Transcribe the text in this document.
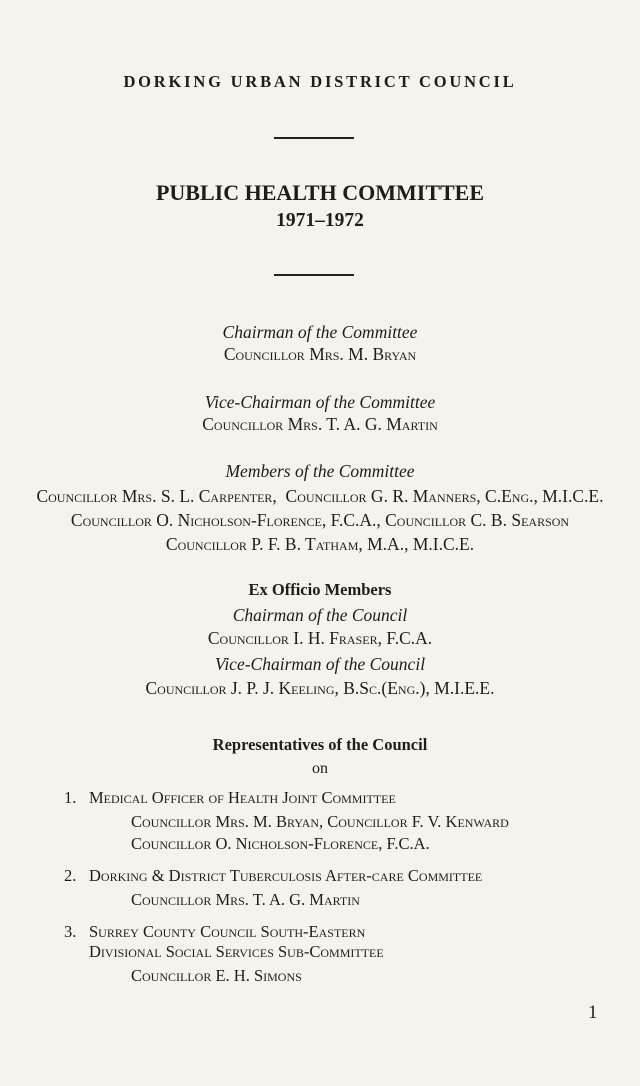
DORKING URBAN DISTRICT COUNCIL
PUBLIC HEALTH COMMITTEE
1971–1972
Chairman of the Committee
Councillor Mrs. M. Bryan
Vice-Chairman of the Committee
Councillor Mrs. T. A. G. Martin
Members of the Committee
Councillor Mrs. S. L. Carpenter,  Councillor G. R. Manners, C.Eng., M.I.C.E.
Councillor O. Nicholson-Florence, F.C.A., Councillor C. B. Searson
Councillor P. F. B. Tatham, M.A., M.I.C.E.
Ex Officio Members
Chairman of the Council
Councillor I. H. Fraser, F.C.A.
Vice-Chairman of the Council
Councillor J. P. J. Keeling, B.Sc.(Eng.), M.I.E.E.
Representatives of the Council
on
1. Medical Officer of Health Joint Committee
Councillor Mrs. M. Bryan, Councillor F. V. Kenward
Councillor O. Nicholson-Florence, F.C.A.
2. Dorking & District Tuberculosis After-care Committee
Councillor Mrs. T. A. G. Martin
3. Surrey County Council South-Eastern
Divisional Social Services Sub-Committee
Councillor E. H. Simons
1
